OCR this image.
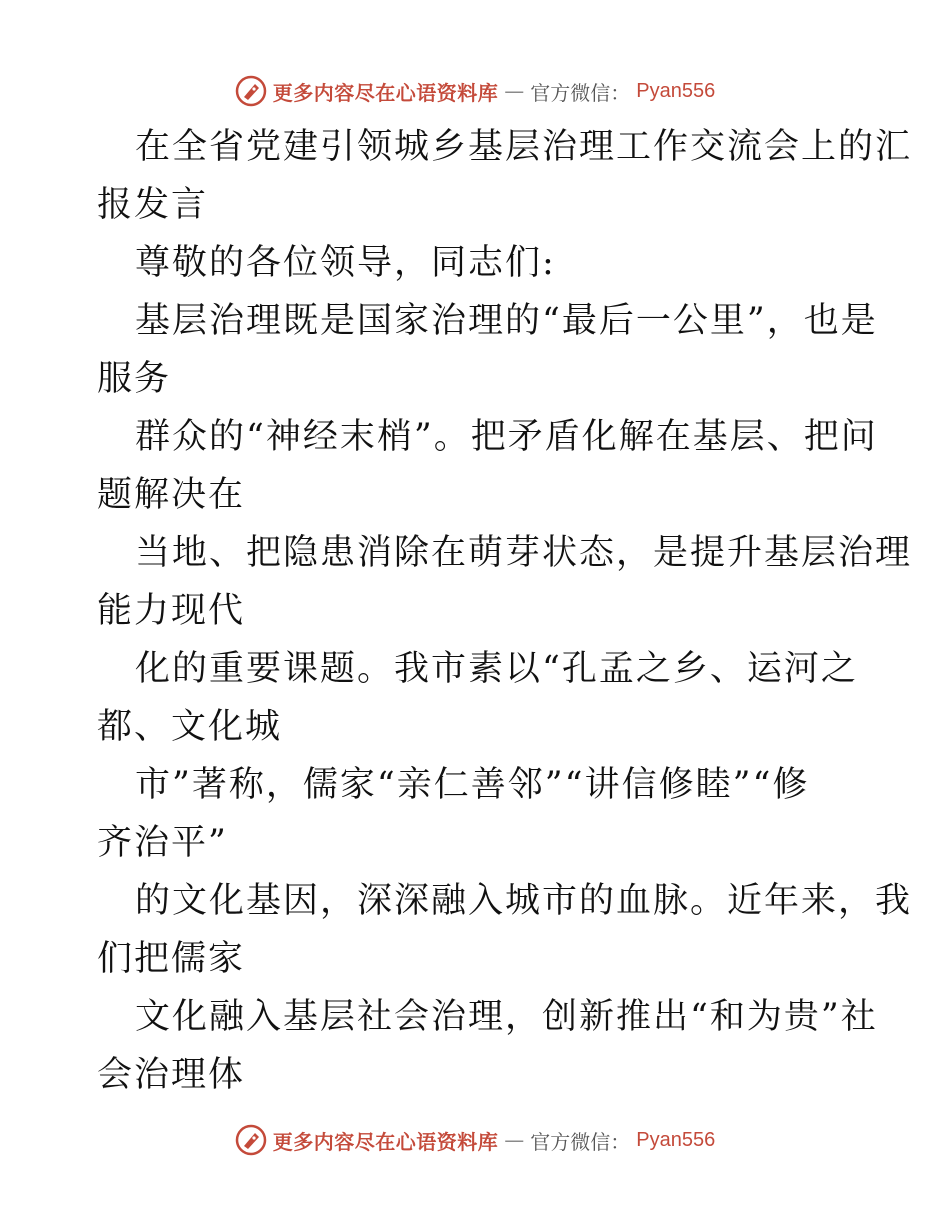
更多内容尽在心语资料库 — 官方微信： Pyan556
在全省党建引领城乡基层治理工作交流会上的汇
报发言
尊敬的各位领导，同志们:
基层治理既是国家治理的“最后一公里”，也是
服务
群众的“神经末梢”。把矛盾化解在基层、把问
题解决在
当地、把隐患消除在萌芽状态，是提升基层治理
能力现代
化的重要课题。我市素以“孔孟之乡、运河之
都、文化城
市”著称，儒家“亲仁善邻”“讲信修睦”“修
齐治平”
的文化基因，深深融入城市的血脉。近年来，我
们把儒家
文化融入基层社会治理，创新推出“和为贵”社
会治理体
更多内容尽在心语资料库 — 官方微信： Pyan556
